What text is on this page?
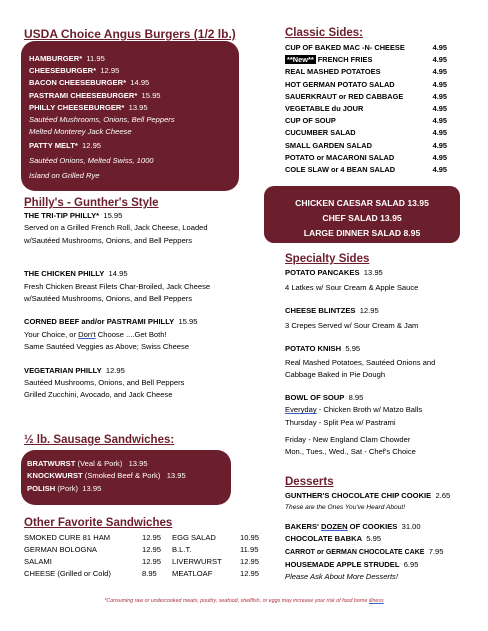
USDA Choice Angus Burgers (1/2 lb.)
HAMBURGER* 11.95
CHEESEBURGER* 12.95
BACON CHEESEBURGER* 14.95
PASTRAMI CHEESEBURGER* 15.95
PHILLY CHEESEBURGER* 13.95
Sautéed Mushrooms, Onions, Bell Peppers
Melted Monterey Jack Cheese
PATTY MELT* 12.95
Sautéed Onions, Melted Swiss, 1000
Island on Grilled Rye
Philly's - Gunther's Style
THE TRI-TIP PHILLY* 15.95
Served on a Grilled French Roll, Jack Cheese, Loaded
w/Sautéed Mushrooms, Onions, and Bell Peppers
THE CHICKEN PHILLY 14.95
Fresh Chicken Breast Filets Char-Broiled, Jack Cheese
w/Sautéed Mushrooms, Onions, and Bell Peppers
CORNED BEEF and/or PASTRAMI PHILLY 15.95
Your Choice, or Don't Choose ....Get Both!
Same Sautéed Veggies as Above; Swiss Cheese
VEGETARIAN PHILLY 12.95
Sautéed Mushrooms, Onions, and Bell Peppers
Grilled Zucchini, Avocado, and Jack Cheese
½ lb. Sausage Sandwiches:
BRATWURST (Veal & Pork) 13.95
KNOCKWURST (Smoked Beef & Pork) 13.95
POLISH (Pork) 13.95
Other Favorite Sandwiches
SMOKED CURE 81 HAM	12.95	EGG SALAD	10.95
GERMAN BOLOGNA	12.95	B.L.T.	11.95
SALAMI	12.95	LIVERWURST	12.95
CHEESE (Grilled or Cold)	8.95	MEATLOAF	12.95
Classic Sides:
CUP OF BAKED MAC -N- CHEESE	4.95
**New** FRENCH FRIES	4.95
REAL MASHED POTATOES	4.95
HOT GERMAN POTATO SALAD	4.95
SAUERKRAUT or RED CABBAGE	4.95
VEGETABLE du JOUR	4.95
CUP OF SOUP	4.95
CUCUMBER SALAD	4.95
SMALL GARDEN SALAD	4.95
POTATO or MACARONI SALAD	4.95
COLE SLAW or 4 BEAN SALAD	4.95
CHICKEN CAESAR SALAD 13.95
CHEF SALAD 13.95
LARGE DINNER SALAD 8.95
Specialty Sides
POTATO PANCAKES 13.95
4 Latkes w/ Sour Cream & Apple Sauce
CHEESE BLINTZES 12.95
3 Crepes Served w/ Sour Cream & Jam
POTATO KNISH 5.95
Real Mashed Potatoes, Sautéed Onions and
Cabbage Baked in Pie Dough
BOWL OF SOUP 8.95
Everyday - Chicken Broth w/ Matzo Balls
Thursday - Split Pea w/ Pastrami
Friday - New England Clam Chowder
Mon., Tues., Wed., Sat - Chef's Choice
Desserts
GUNTHER'S CHOCOLATE CHIP COOKIE 2.65
These are the Ones You've Heard About!
BAKERS' DOZEN OF COOKIES 31.00
CHOCOLATE BABKA 5.95
CARROT or GERMAN CHOCOLATE CAKE 7.95
HOUSEMADE APPLE STRUDEL 6.95
Please Ask About More Desserts!
*Consuming raw or undercooked meats, poultry, seafood, shellfish, or eggs may increase your risk of food borne illness
